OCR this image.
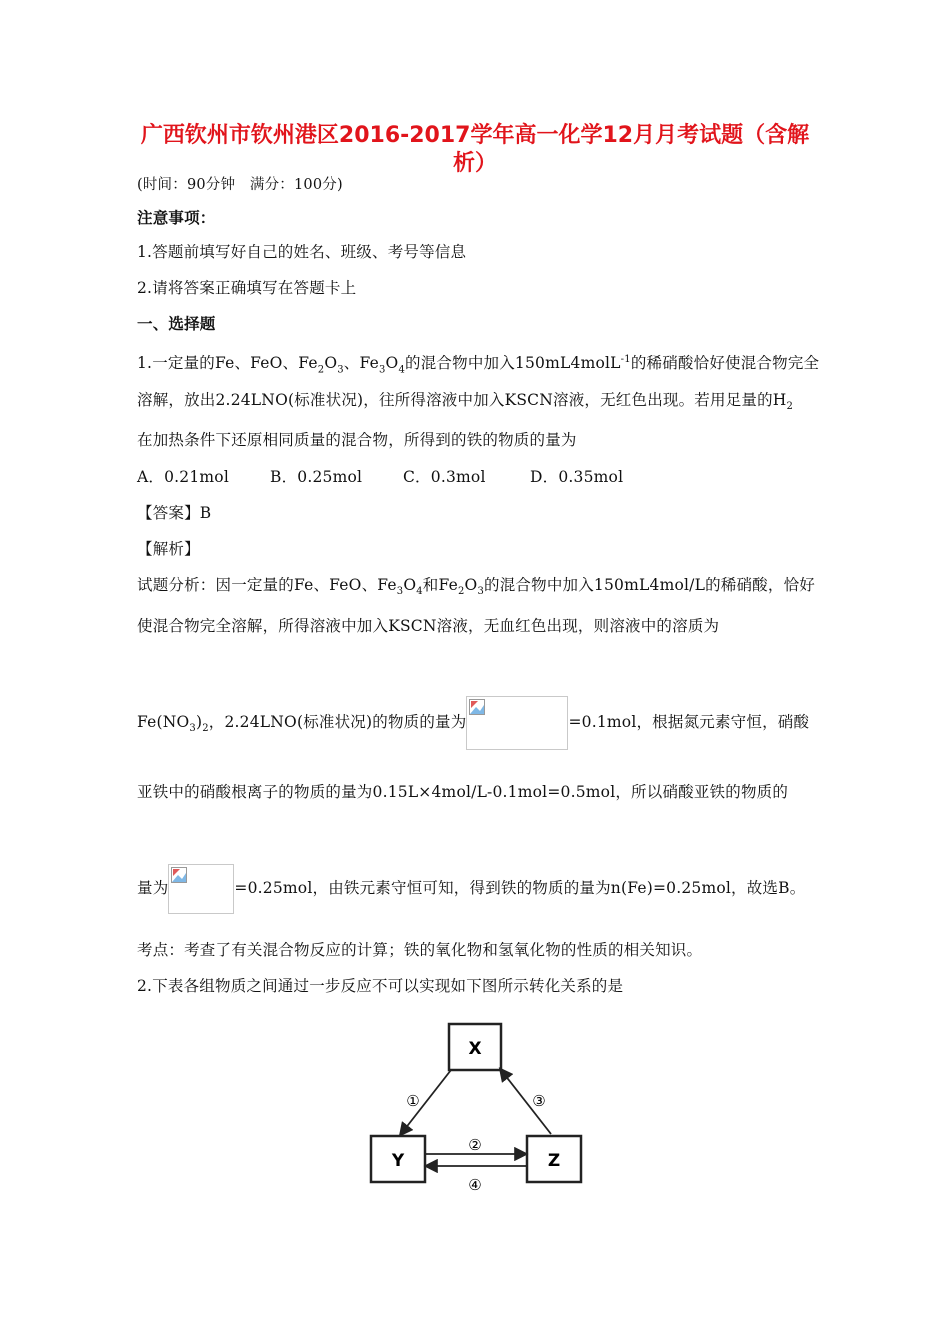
广西钦州市钦州港区2016-2017学年高一化学12月月考试题（含解
析）
(时间：90分钟　满分：100分)
注意事项：
1.答题前填写好自己的姓名、班级、考号等信息
2.请将答案正确填写在答题卡上
一、选择题
1.一定量的Fe、FeO、$Fe_2O_3$、$Fe_3O_4$的混合物中加入150mL4molL$^{-1}$的稀硝酸恰好使混合物完全
溶解，放出2.24LNO(标准状况)，往所得溶液中加入KSCN溶液，无红色出现。若用足量的$H_2$
在加热条件下还原相同质量的混合物，所得到的铁的物质的量为
A．0.21mol	B．0.25mol	C．0.3mol	D．0.35mol
【答案】B
【解析】
试题分析：因一定量的Fe、FeO、$Fe_3O_4$和$Fe_2O_3$的混合物中加入150mL4mol/L的稀硝酸，恰好
使混合物完全溶解，所得溶液中加入KSCN溶液，无血红色出现，则溶液中的溶质为
$Fe(NO_3)_2$，2.24LNO(标准状况)的物质的量为	=0.1mol，根据氮元素守恒，硝酸
亚铁中的硝酸根离子的物质的量为0.15L×4mol/L-0.1mol=0.5mol，所以硝酸亚铁的物质的
量为	=0.25mol，由铁元素守恒可知，得到铁的物质的量为n(Fe)=0.25mol，故选B。
考点：考查了有关混合物反应的计算；铁的氧化物和氢氧化物的性质的相关知识。
2.下表各组物质之间通过一步反应不可以实现如下图所示转化关系的是
X
Y	Z
①
②
③
④
